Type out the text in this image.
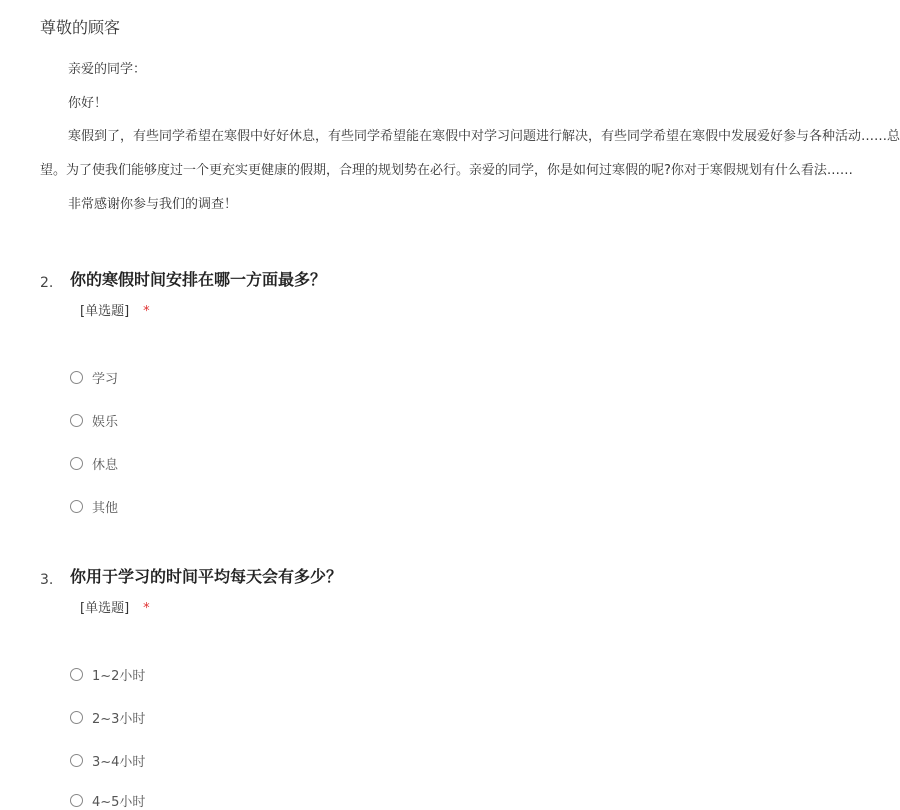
尊敬的顾客

亲爱的同学：

你好！

寒假到了，有些同学希望在寒假中好好休息，有些同学希望能在寒假中对学习问题进行解决，有些同学希望在寒假中发展爱好参与各种活动……总

望。为了使我们能够度过一个更充实更健康的假期，合理的规划势在必行。亲爱的同学，你是如何过寒假的呢?你对于寒假规划有什么看法……

非常感谢你参与我们的调查！

2. 你的寒假时间安排在哪一方面最多？
[单选题] *
学习
娱乐
休息
其他
3. 你用于学习的时间平均每天会有多少？
[单选题] *
1~2小时
2~3小时
3~4小时
4~5小时
